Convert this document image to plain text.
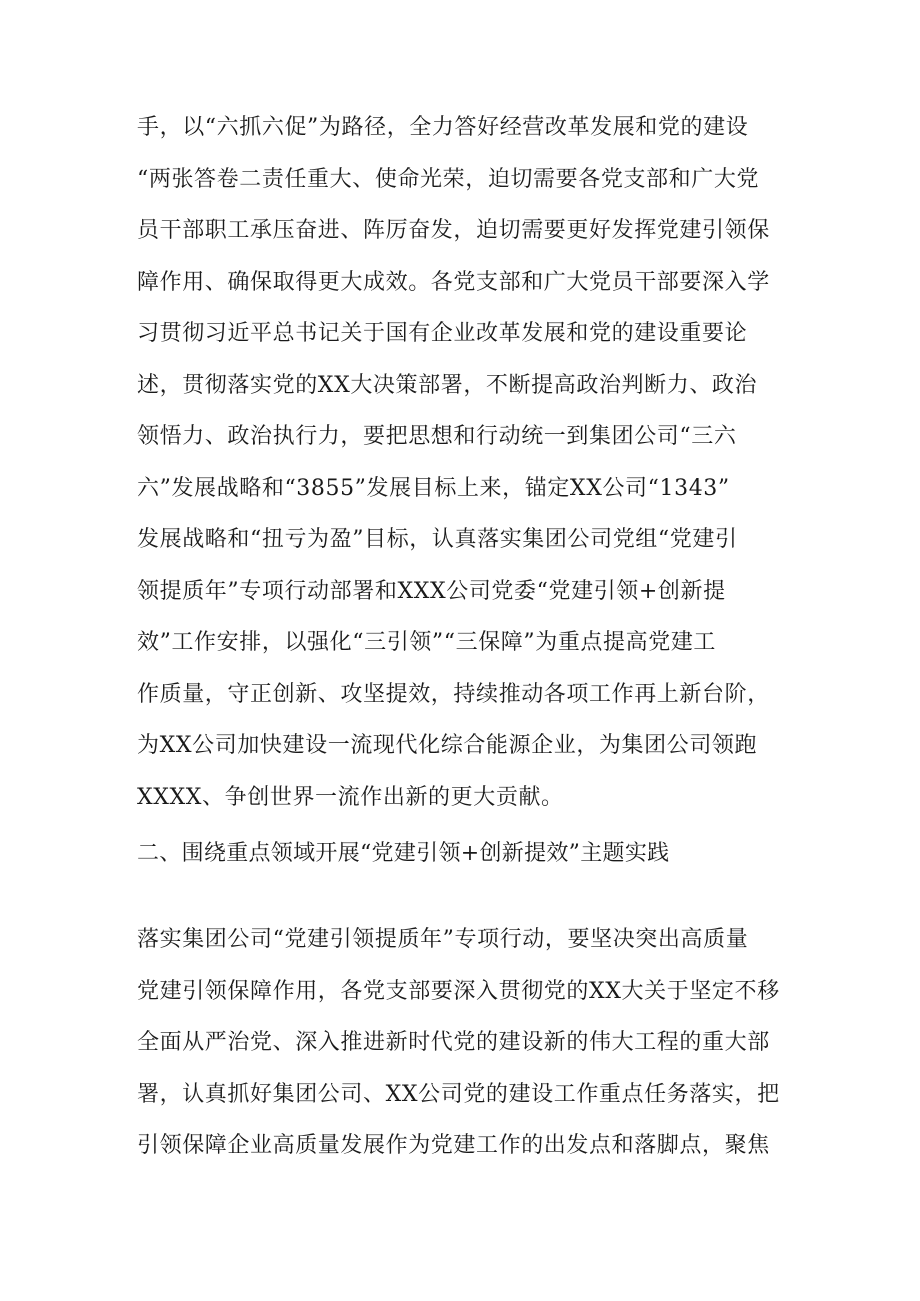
手，以“六抓六促”为路径，全力答好经营改革发展和党的建设
“两张答卷二责任重大、使命光荣，迫切需要各党支部和广大党
员干部职工承压奋进、阵厉奋发，迫切需要更好发挥党建引领保
障作用、确保取得更大成效。各党支部和广大党员干部要深入学
习贯彻习近平总书记关于国有企业改革发展和党的建设重要论
述，贯彻落实党的XX大决策部署，不断提高政治判断力、政治
领悟力、政治执行力，要把思想和行动统一到集团公司“三六
六”发展战略和“3855”发展目标上来，锚定XX公司“1343”
发展战略和“扭亏为盈”目标，认真落实集团公司党组“党建引
领提质年”专项行动部署和XXX公司党委“党建引领+创新提
效”工作安排，以强化“三引领”“三保障”为重点提高党建工
作质量，守正创新、攻坚提效，持续推动各项工作再上新台阶，
为XX公司加快建设一流现代化综合能源企业，为集团公司领跑
XXXX、争创世界一流作出新的更大贡献。
二、围绕重点领域开展“党建引领+创新提效”主题实践
落实集团公司“党建引领提质年”专项行动，要坚决突出高质量
党建引领保障作用，各党支部要深入贯彻党的XX大关于坚定不移
全面从严治党、深入推进新时代党的建设新的伟大工程的重大部
署，认真抓好集团公司、XX公司党的建设工作重点任务落实，把
引领保障企业高质量发展作为党建工作的出发点和落脚点，聚焦
